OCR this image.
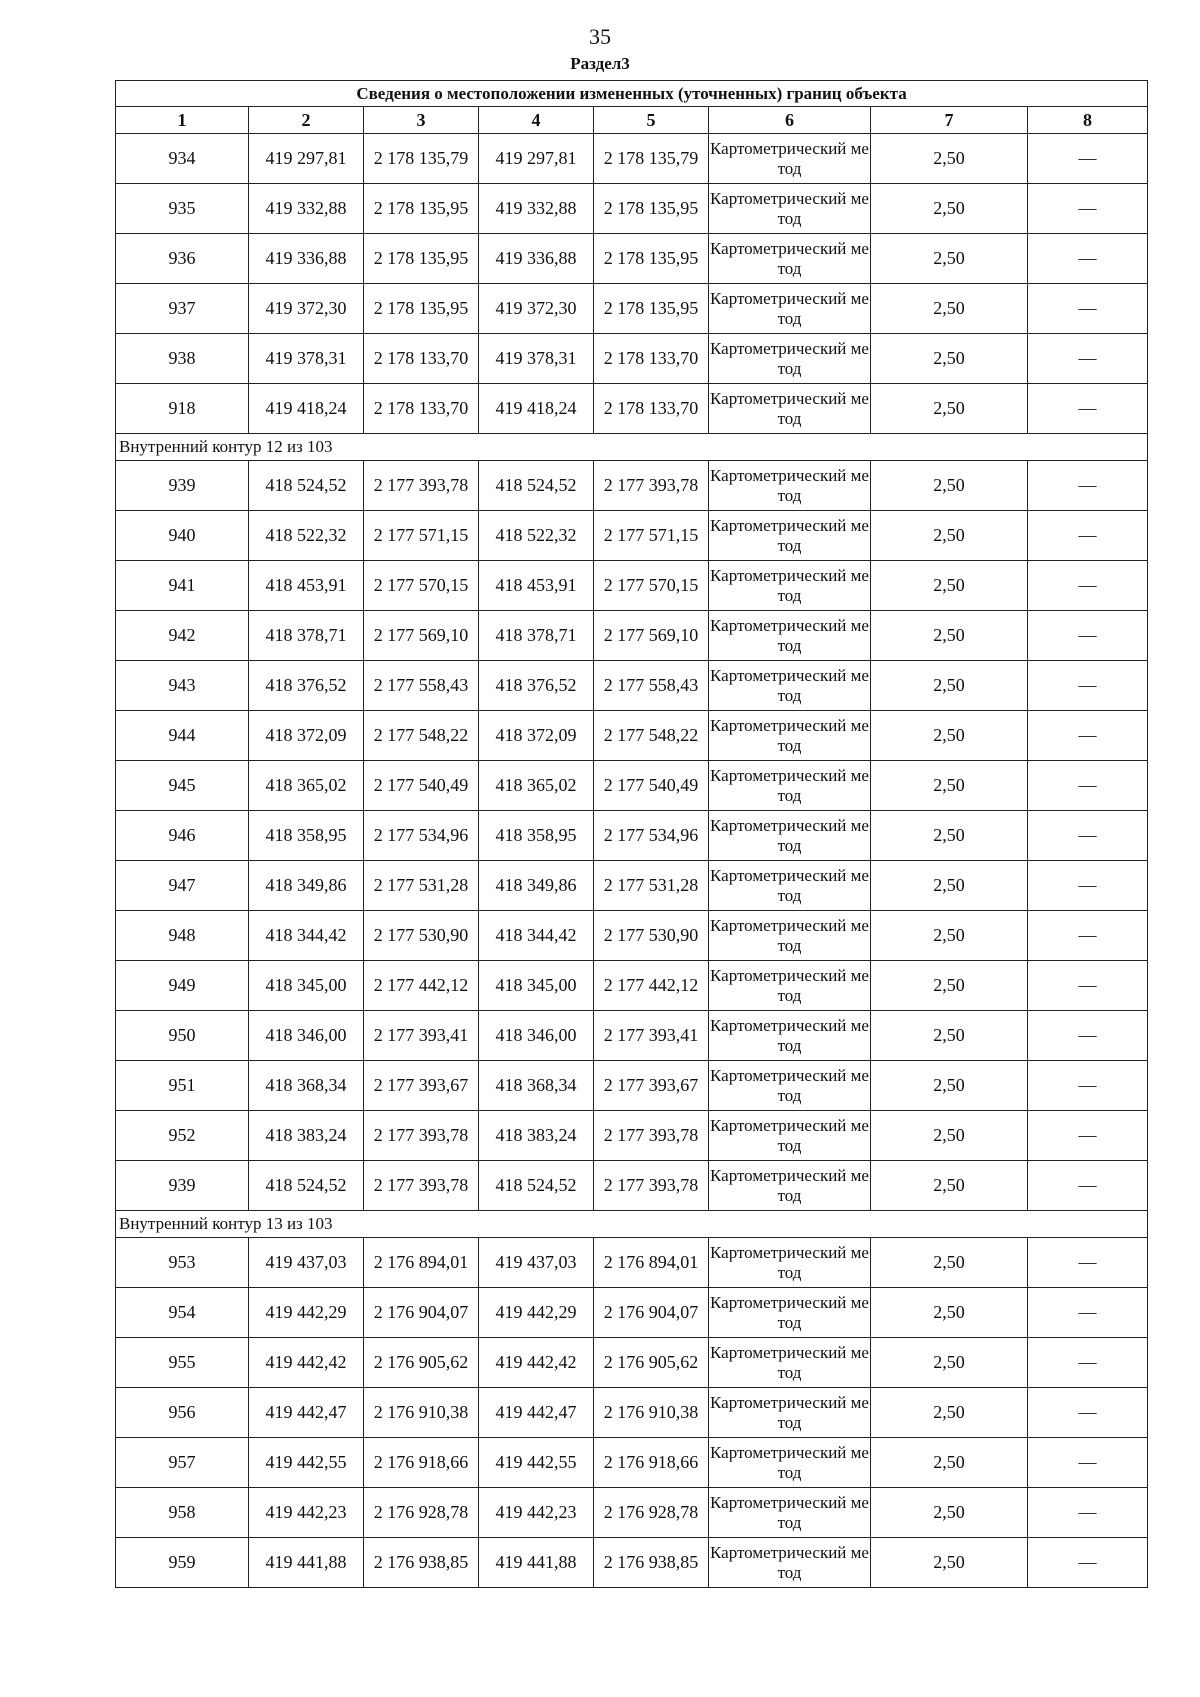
35
Раздел3
Сведения о местоположении измененных (уточненных) границ объекта							
1	2	3	4	5	6	7	8
934	419 297,81	2 178 135,79	419 297,81	2 178 135,79	Картометрический метод	2,50	—
935	419 332,88	2 178 135,95	419 332,88	2 178 135,95	Картометрический метод	2,50	—
936	419 336,88	2 178 135,95	419 336,88	2 178 135,95	Картометрический метод	2,50	—
937	419 372,30	2 178 135,95	419 372,30	2 178 135,95	Картометрический метод	2,50	—
938	419 378,31	2 178 133,70	419 378,31	2 178 133,70	Картометрический метод	2,50	—
918	419 418,24	2 178 133,70	419 418,24	2 178 133,70	Картометрический метод	2,50	—
Внутренний контур 12 из 103							
939	418 524,52	2 177 393,78	418 524,52	2 177 393,78	Картометрический метод	2,50	—
940	418 522,32	2 177 571,15	418 522,32	2 177 571,15	Картометрический метод	2,50	—
941	418 453,91	2 177 570,15	418 453,91	2 177 570,15	Картометрический метод	2,50	—
942	418 378,71	2 177 569,10	418 378,71	2 177 569,10	Картометрический метод	2,50	—
943	418 376,52	2 177 558,43	418 376,52	2 177 558,43	Картометрический метод	2,50	—
944	418 372,09	2 177 548,22	418 372,09	2 177 548,22	Картометрический метод	2,50	—
945	418 365,02	2 177 540,49	418 365,02	2 177 540,49	Картометрический метод	2,50	—
946	418 358,95	2 177 534,96	418 358,95	2 177 534,96	Картометрический метод	2,50	—
947	418 349,86	2 177 531,28	418 349,86	2 177 531,28	Картометрический метод	2,50	—
948	418 344,42	2 177 530,90	418 344,42	2 177 530,90	Картометрический метод	2,50	—
949	418 345,00	2 177 442,12	418 345,00	2 177 442,12	Картометрический метод	2,50	—
950	418 346,00	2 177 393,41	418 346,00	2 177 393,41	Картометрический метод	2,50	—
951	418 368,34	2 177 393,67	418 368,34	2 177 393,67	Картометрический метод	2,50	—
952	418 383,24	2 177 393,78	418 383,24	2 177 393,78	Картометрический метод	2,50	—
939	418 524,52	2 177 393,78	418 524,52	2 177 393,78	Картометрический метод	2,50	—
Внутренний контур 13 из 103							
953	419 437,03	2 176 894,01	419 437,03	2 176 894,01	Картометрический метод	2,50	—
954	419 442,29	2 176 904,07	419 442,29	2 176 904,07	Картометрический метод	2,50	—
955	419 442,42	2 176 905,62	419 442,42	2 176 905,62	Картометрический метод	2,50	—
956	419 442,47	2 176 910,38	419 442,47	2 176 910,38	Картометрический метод	2,50	—
957	419 442,55	2 176 918,66	419 442,55	2 176 918,66	Картометрический метод	2,50	—
958	419 442,23	2 176 928,78	419 442,23	2 176 928,78	Картометрический метод	2,50	—
959	419 441,88	2 176 938,85	419 441,88	2 176 938,85	Картометрический метод	2,50	—
